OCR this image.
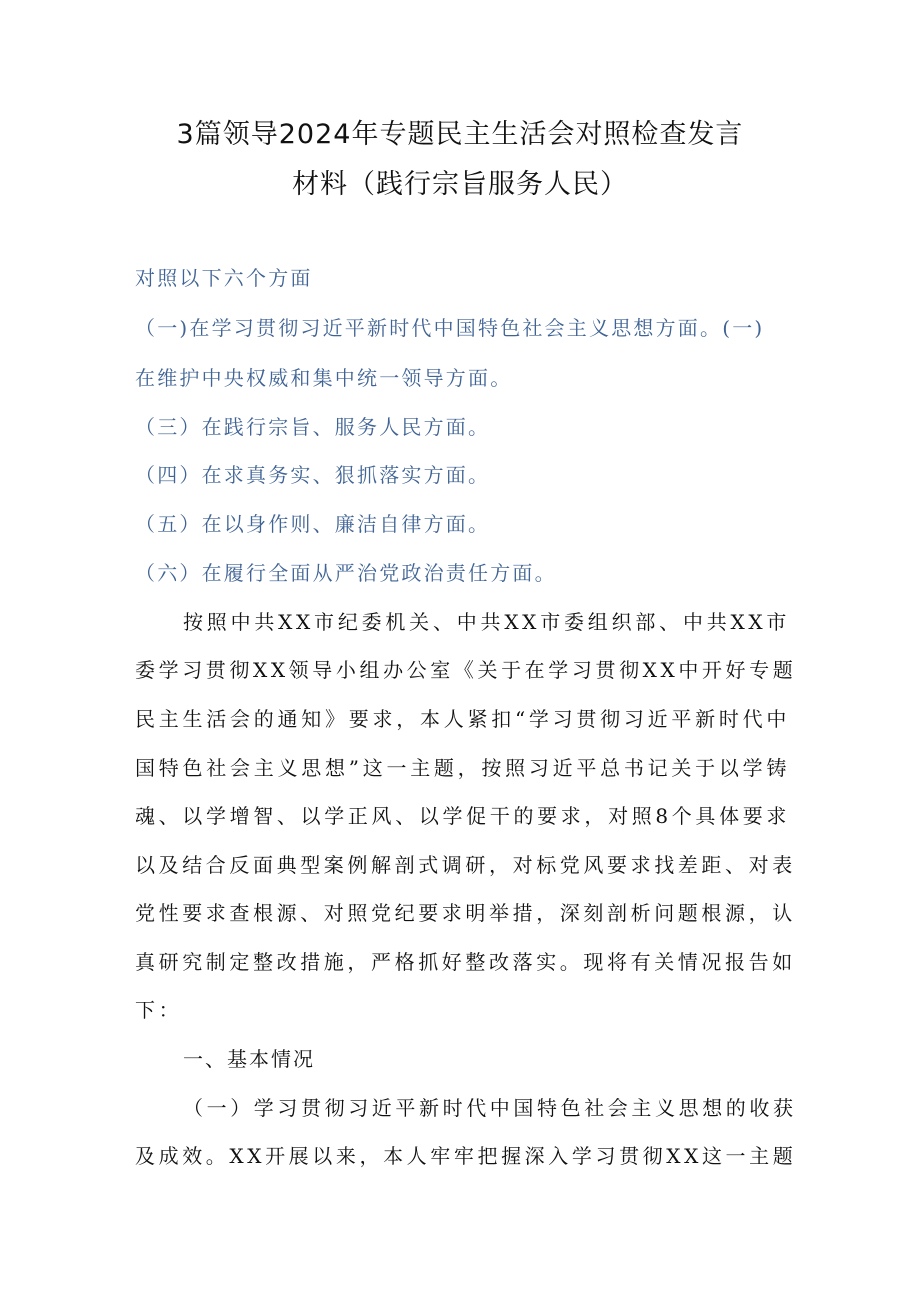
3篇领导2024年专题民主生活会对照检查发言
材料（践行宗旨服务人民）
对照以下六个方面
（一)在学习贯彻习近平新时代中国特色社会主义思想方面。(一)
在维护中央权威和集中统一领导方面。
（三）在践行宗旨、服务人民方面。
（四）在求真务实、狠抓落实方面。
（五）在以身作则、廉洁自律方面。
（六）在履行全面从严治党政治责任方面。
按照中共XX市纪委机关、中共XX市委组织部、中共XX市
委学习贯彻XX领导小组办公室《关于在学习贯彻XX中开好专题
民主生活会的通知》要求，本人紧扣“学习贯彻习近平新时代中
国特色社会主义思想”这一主题，按照习近平总书记关于以学铸
魂、以学增智、以学正风、以学促干的要求，对照8个具体要求
以及结合反面典型案例解剖式调研，对标党风要求找差距、对表
党性要求查根源、对照党纪要求明举措，深刻剖析问题根源，认
真研究制定整改措施，严格抓好整改落实。现将有关情况报告如
下：
一、基本情况
（一）学习贯彻习近平新时代中国特色社会主义思想的收获
及成效。XX开展以来，本人牢牢把握深入学习贯彻XX这一主题
